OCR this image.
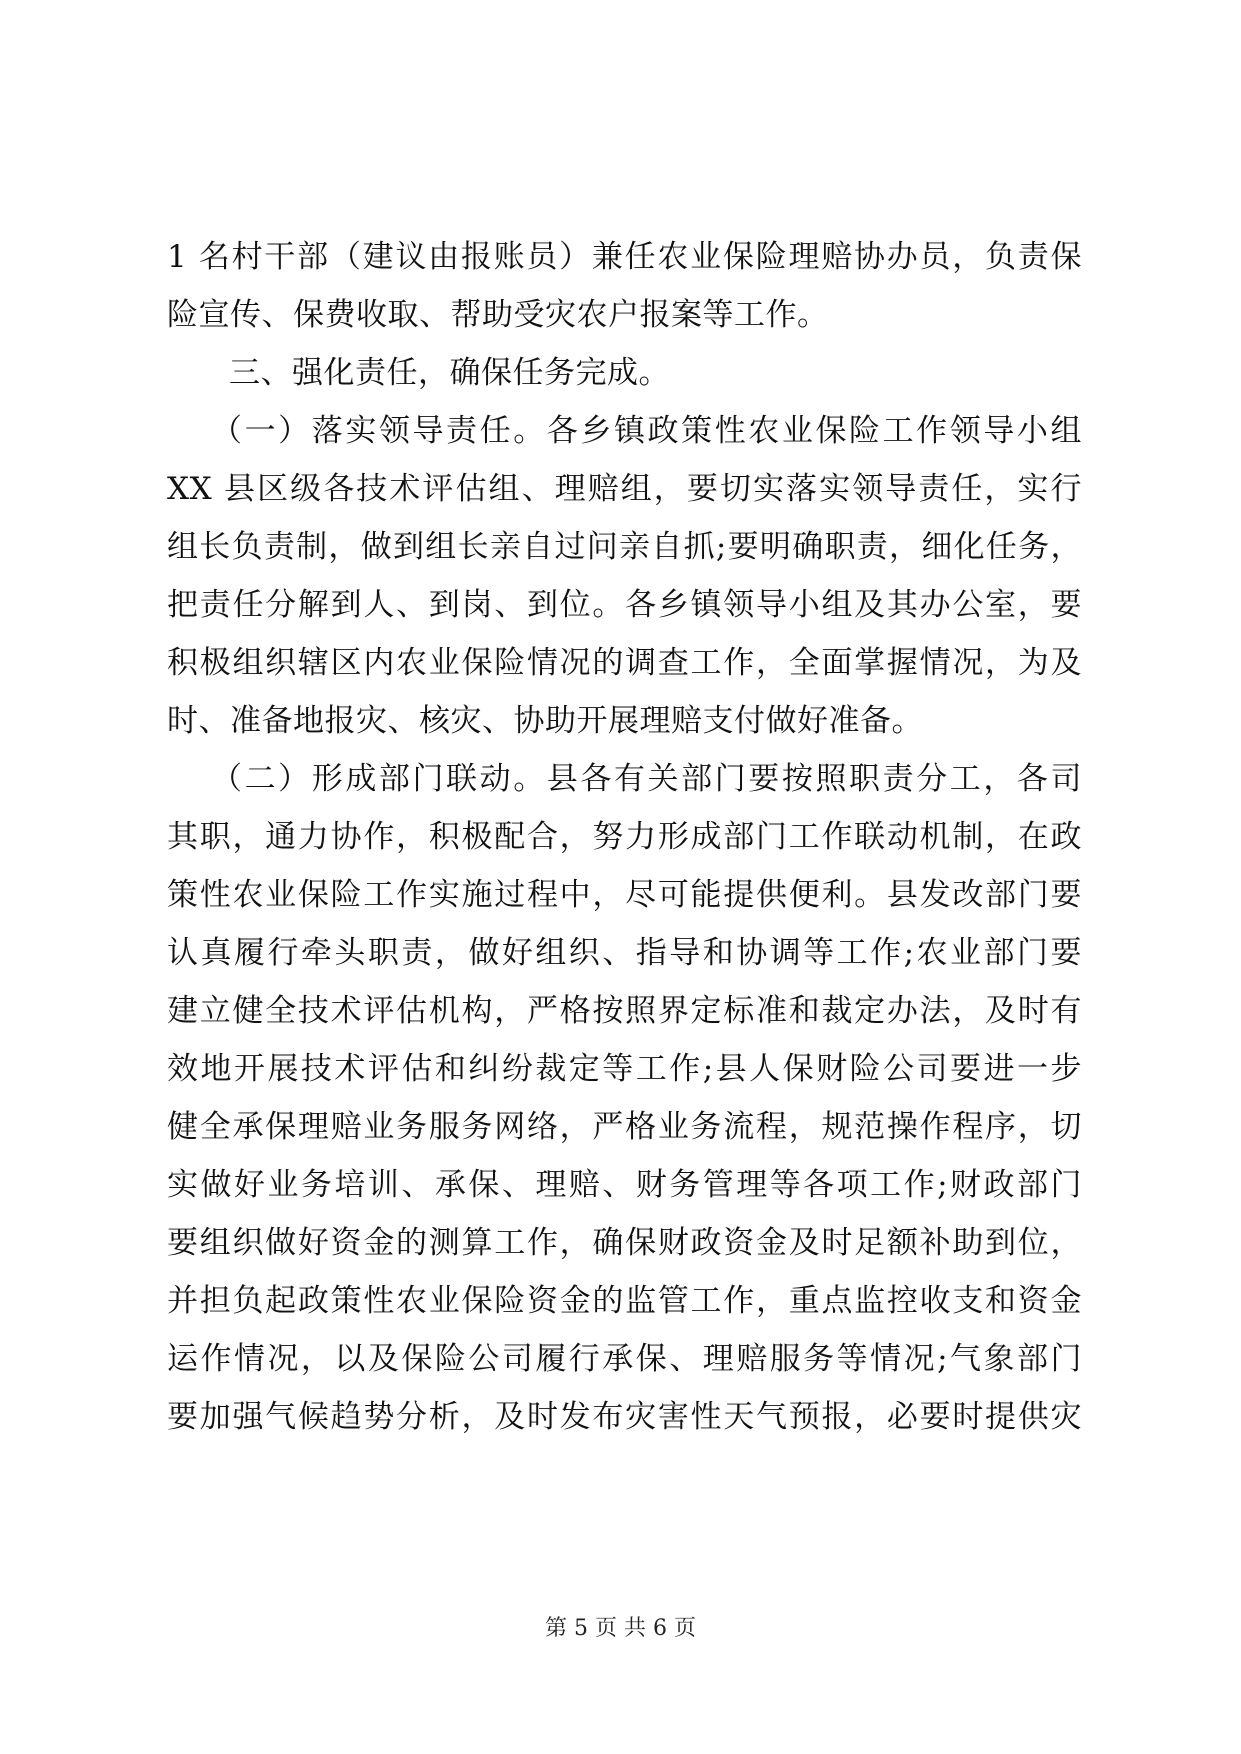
1 名村干部（建议由报账员）兼任农业保险理赔协办员，负责保
险宣传、保费收取、帮助受灾农户报案等工作。
三、强化责任，确保任务完成。
（一）落实领导责任。各乡镇政策性农业保险工作领导小组
XX 县区级各技术评估组、理赔组，要切实落实领导责任，实行
组长负责制，做到组长亲自过问亲自抓;要明确职责，细化任务，
把责任分解到人、到岗、到位。各乡镇领导小组及其办公室，要
积极组织辖区内农业保险情况的调查工作，全面掌握情况，为及
时、准备地报灾、核灾、协助开展理赔支付做好准备。
（二）形成部门联动。县各有关部门要按照职责分工，各司
其职，通力协作，积极配合，努力形成部门工作联动机制，在政
策性农业保险工作实施过程中，尽可能提供便利。县发改部门要
认真履行牵头职责，做好组织、指导和协调等工作;农业部门要
建立健全技术评估机构，严格按照界定标准和裁定办法，及时有
效地开展技术评估和纠纷裁定等工作;县人保财险公司要进一步
健全承保理赔业务服务网络，严格业务流程，规范操作程序，切
实做好业务培训、承保、理赔、财务管理等各项工作;财政部门
要组织做好资金的测算工作，确保财政资金及时足额补助到位，
并担负起政策性农业保险资金的监管工作，重点监控收支和资金
运作情况，以及保险公司履行承保、理赔服务等情况;气象部门
要加强气候趋势分析，及时发布灾害性天气预报，必要时提供灾
第 5 页 共 6 页
